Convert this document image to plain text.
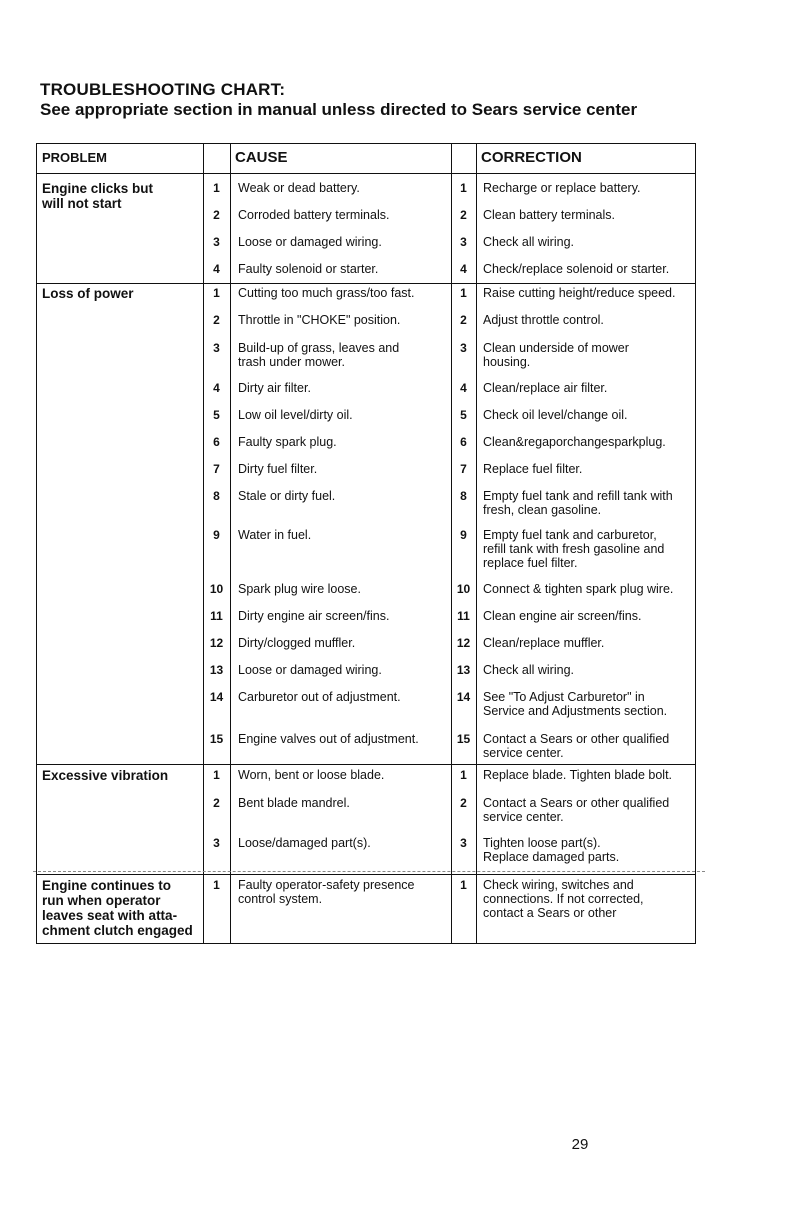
TROUBLESHOOTING CHART:
See appropriate section in manual unless directed to Sears service center
PROBLEM	CAUSE	CORRECTION
Engine clicks but
will not start
1	Weak or dead battery.	1	Recharge or replace battery.
2	Corroded battery terminals.	2	Clean battery terminals.
3	Loose or damaged wiring.	3	Check all wiring.
4	Faulty solenoid or starter.	4	Check/replace solenoid or starter.
Loss of power	1	Cutting too much grass/too fast.	1	Raise cutting height/reduce speed.
2	Throttle in "CHOKE" position.	2	Adjust throttle control.
3	Build-up of grass, leaves and
trash under mower.
3	Clean underside of mower
housing.
4	Dirty air filter.	4	Clean/replace air filter.
5	Low oil level/dirty oil.	5	Check oil level/change oil.
6	Faulty spark plug.	6	Clean&regaporchangesparkplug.
7	Dirty fuel filter.	7	Replace fuel filter.
8	Stale or dirty fuel.	8	Empty fuel tank and refill tank with
fresh, clean gasoline.
9	Water in fuel.	9	Empty fuel tank and carburetor,
refill tank with fresh gasoline and
replace fuel filter.
10	Spark plug wire loose.	10	Connect & tighten spark plug wire.
11	Dirty engine air screen/fins.	11	Clean engine air screen/fins.
12	Dirty/clogged muffler.	12	Clean/replace muffler.
13	Loose or damaged wiring.	13	Check all wiring.
14	Carburetor out of adjustment.	14	See "To Adjust Carburetor" in
Service and Adjustments section.
15	Engine valves out of adjustment.	15	Contact a Sears or other qualified
service center.
Excessive vibration	1	Worn, bent or loose blade.	1	Replace blade. Tighten blade bolt.
2	Bent blade mandrel.	2	Contact a Sears or other qualified
service center.
3	Loose/damaged part(s).	3	Tighten loose part(s).
Replace damaged parts.
Engine continues to
run when operator
leaves seat with atta-
chment clutch engaged
1	Faulty operator-safety presence
control system.
1	Check wiring, switches and
connections. If not corrected,
contact a Sears or other
29
